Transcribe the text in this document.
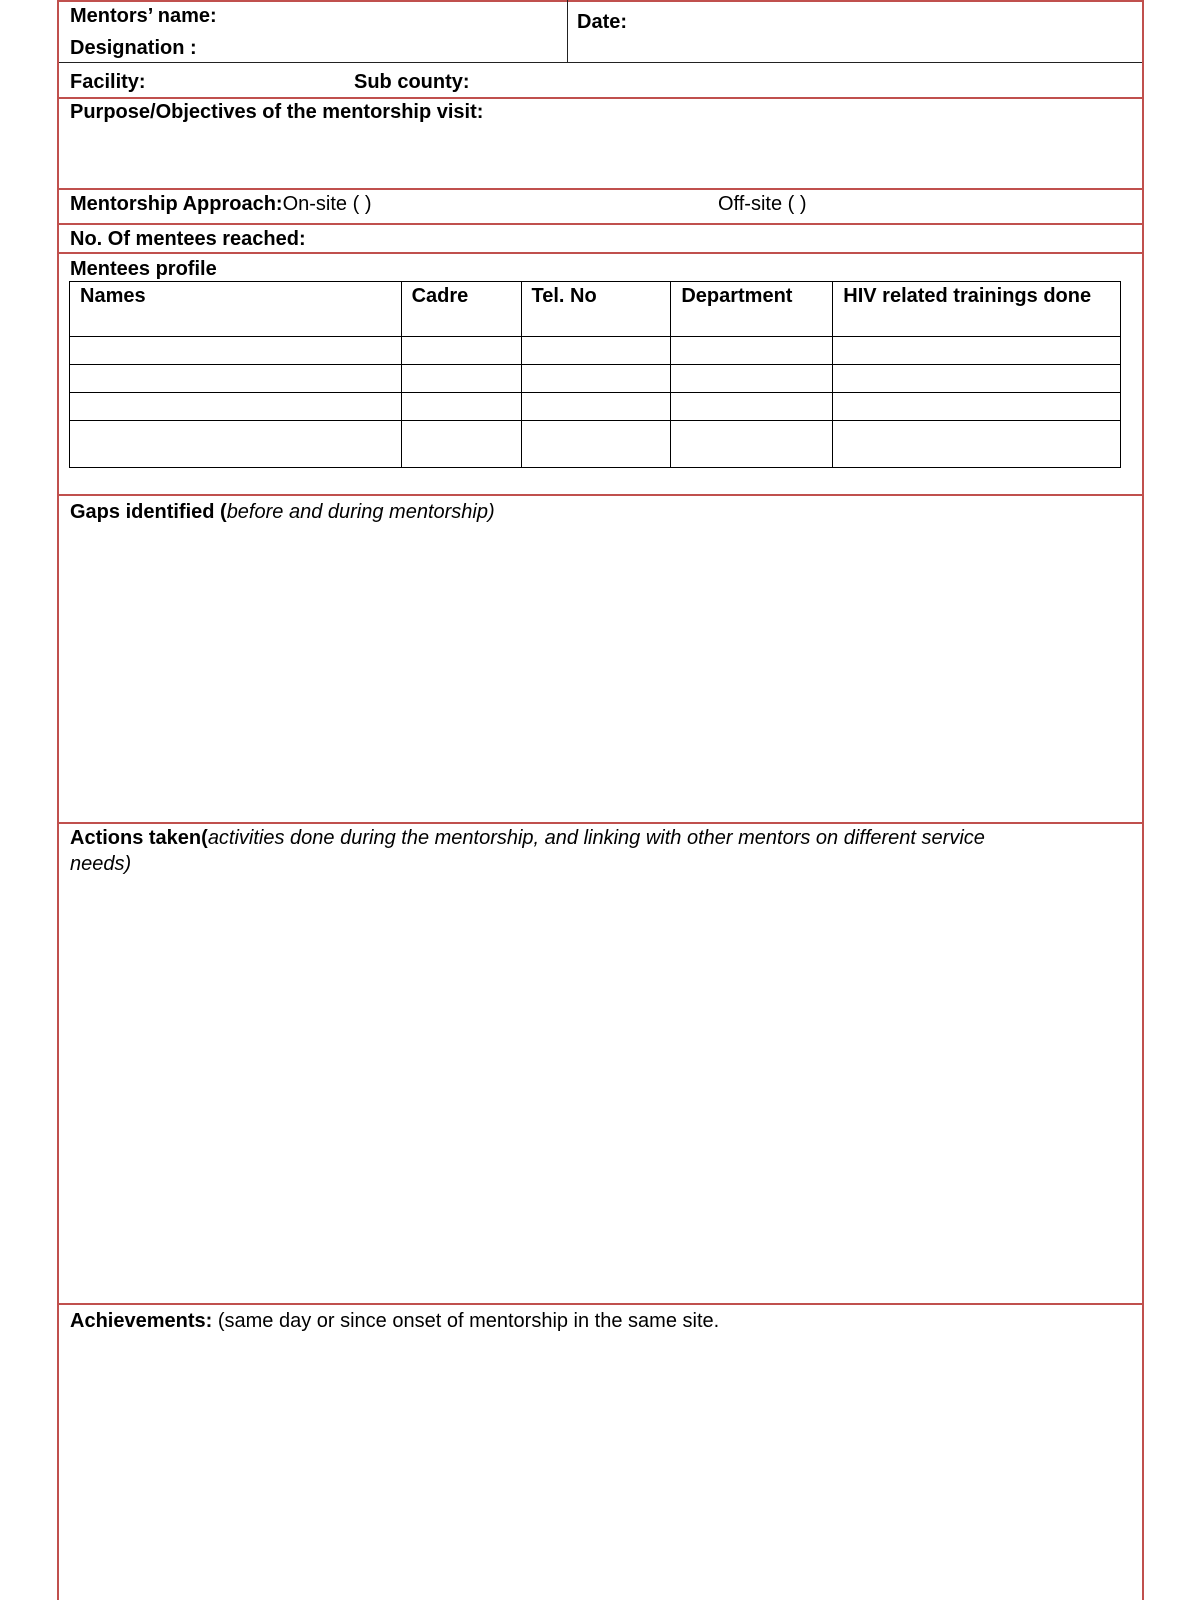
Mentors’ name:
Designation :
Date:
Facility:	Sub county:
Purpose/Objectives of the mentorship visit:
Mentorship Approach:On-site ( )	Off-site ( )
No. Of mentees reached:
Mentees profile
Names	Cadre	Tel. No	Department	HIV related trainings done

Gaps identified (before and during mentorship)
Actions taken(activities done during the mentorship, and linking with other mentors on different service
needs)
Achievements: (same day or since onset of mentorship in the same site.
